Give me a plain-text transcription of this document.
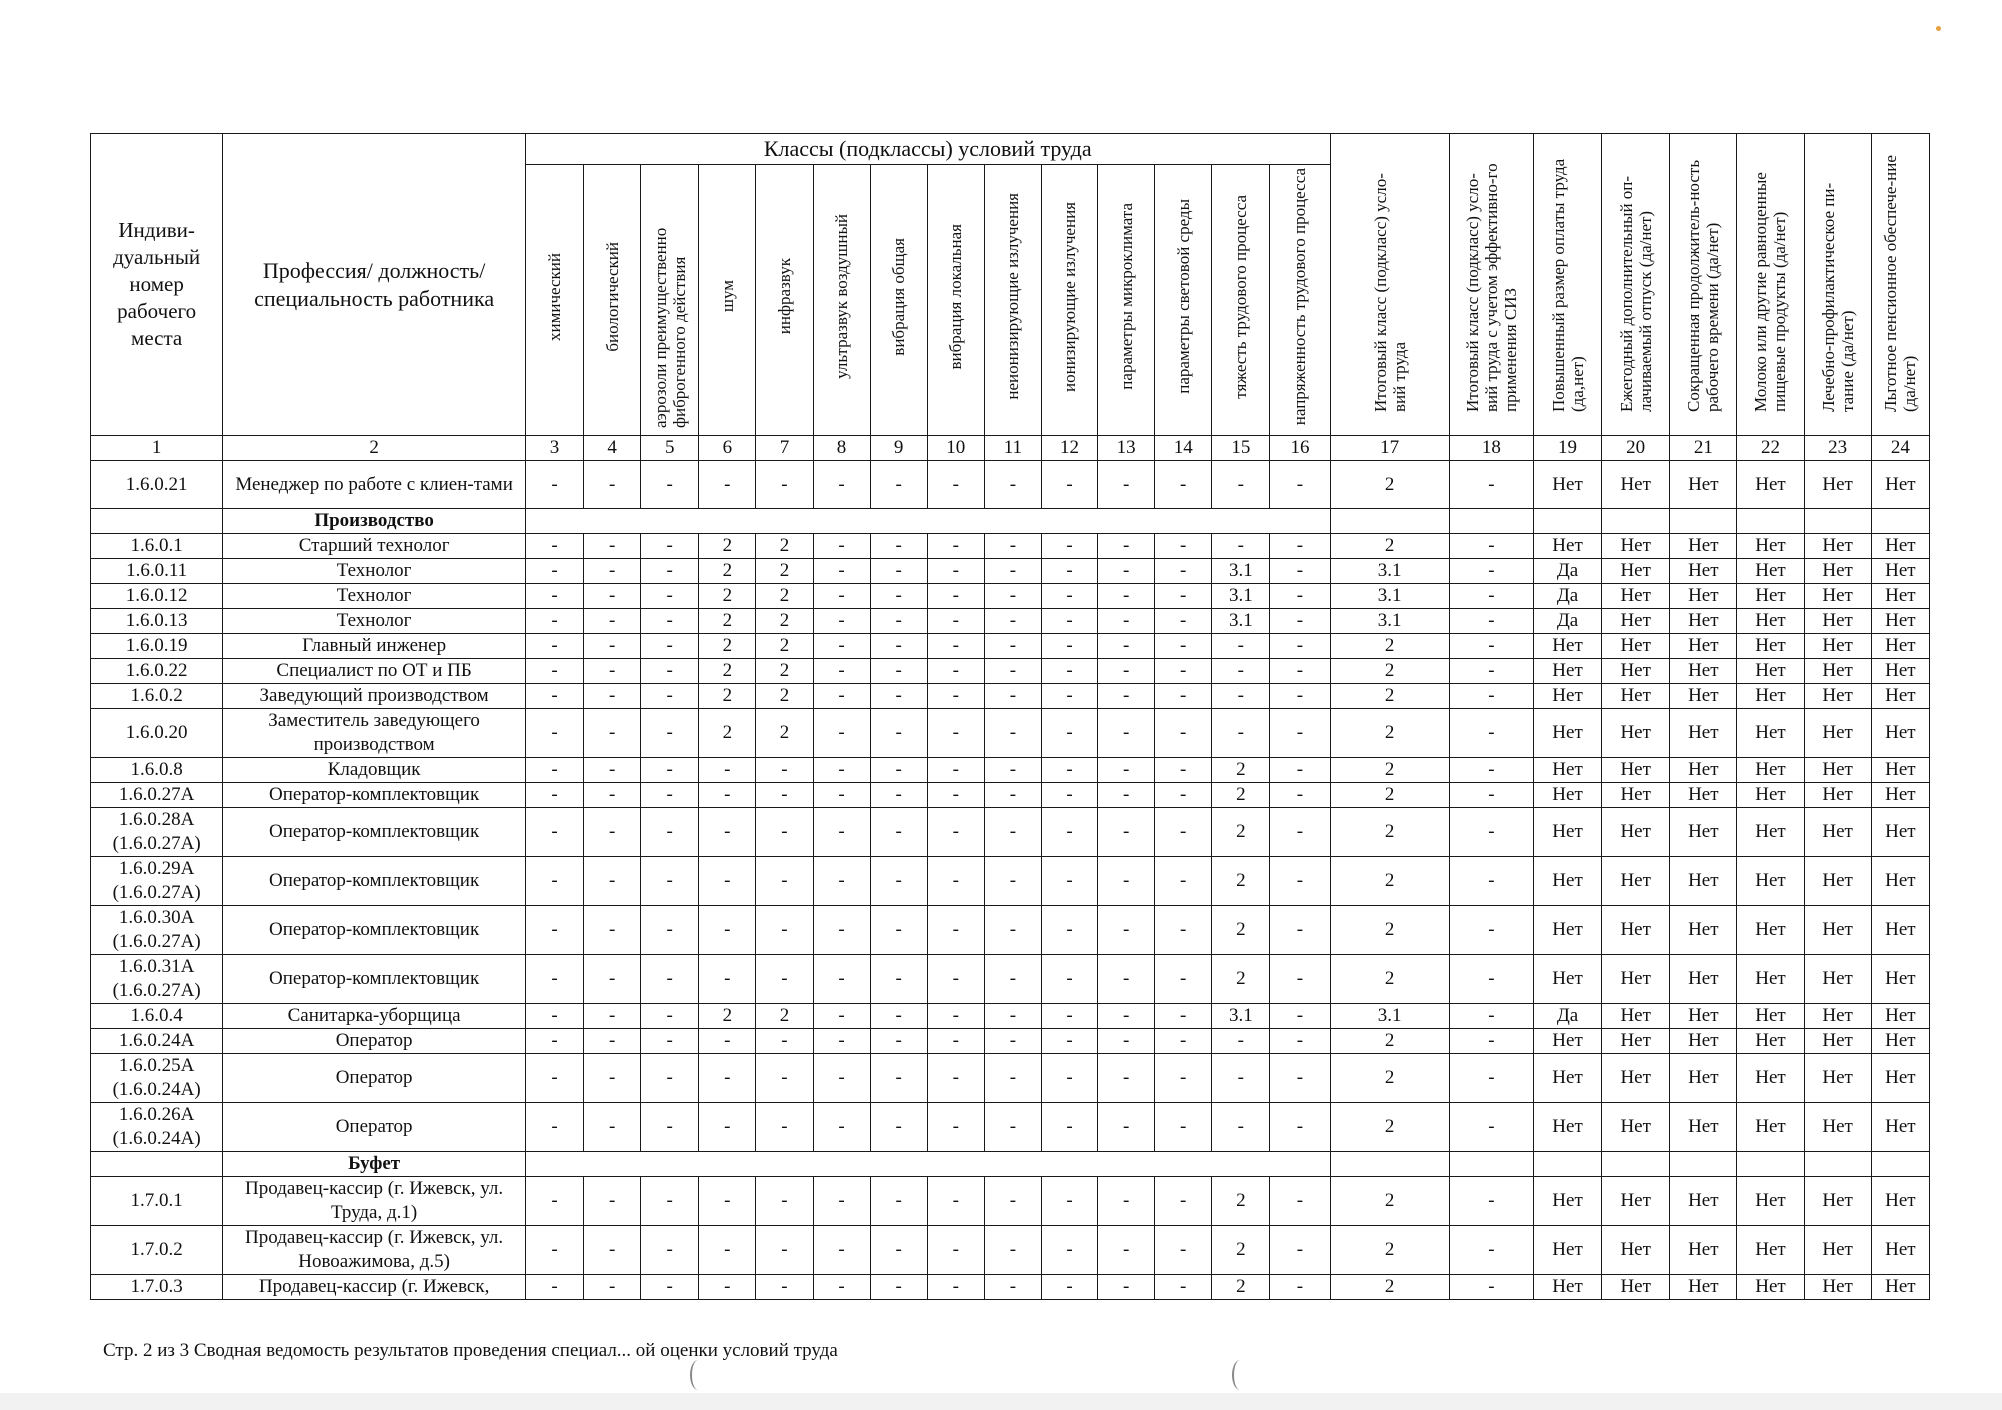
Индиви-дуальный номер рабочего места	Профессия/ должность/ специальность работника	Классы (подклассы) условий труда														Итоговый класс (подкласс) усло-вий труда	Итоговый класс (подкласс) усло-вий труда с учетом эффективно-го применения СИЗ	Повышенный размер оплаты труда (да,нет)	Ежегодный дополнительный оп-лачиваемый отпуск (да/нет)	Сокращенная продолжитель-ность рабочего времени (да/нет)	Молоко или другие равноценные пищевые продукты (да/нет)	Лечебно-профилактическое пи-тание (да/нет)	Льготное пенсионное обеспече-ние (да/нет)
		химический	биологический	аэрозоли преимущественно фиброгенного действия	шум	инфразвук	ультразвук воздушный	вибрация общая	вибрация локальная	неионизирующие излучения	ионизирующие излучения	параметры микроклимата	параметры световой среды	тяжесть трудового процесса	напряженность трудового процесса								
1	2	3	4	5	6	7	8	9	10	11	12	13	14	15	16	17	18	19	20	21	22	23	24
1.6.0.21	Менеджер по работе с клиен-тами	-	-	-	-	-	-	-	-	-	-	-	-	-	-	2	-	Нет	Нет	Нет	Нет	Нет	Нет
	Производство																						
1.6.0.1	Старший технолог	-	-	-	2	2	-	-	-	-	-	-	-	-	-	2	-	Нет	Нет	Нет	Нет	Нет	Нет
1.6.0.11	Технолог	-	-	-	2	2	-	-	-	-	-	-	-	3.1	-	3.1	-	Да	Нет	Нет	Нет	Нет	Нет
1.6.0.12	Технолог	-	-	-	2	2	-	-	-	-	-	-	-	3.1	-	3.1	-	Да	Нет	Нет	Нет	Нет	Нет
1.6.0.13	Технолог	-	-	-	2	2	-	-	-	-	-	-	-	3.1	-	3.1	-	Да	Нет	Нет	Нет	Нет	Нет
1.6.0.19	Главный инженер	-	-	-	2	2	-	-	-	-	-	-	-	-	-	2	-	Нет	Нет	Нет	Нет	Нет	Нет
1.6.0.22	Специалист по ОТ и ПБ	-	-	-	2	2	-	-	-	-	-	-	-	-	-	2	-	Нет	Нет	Нет	Нет	Нет	Нет
1.6.0.2	Заведующий производством	-	-	-	2	2	-	-	-	-	-	-	-	-	-	2	-	Нет	Нет	Нет	Нет	Нет	Нет
1.6.0.20	Заместитель заведующего производством	-	-	-	2	2	-	-	-	-	-	-	-	-	-	2	-	Нет	Нет	Нет	Нет	Нет	Нет
1.6.0.8	Кладовщик	-	-	-	-	-	-	-	-	-	-	-	-	2	-	2	-	Нет	Нет	Нет	Нет	Нет	Нет
1.6.0.27А	Оператор-комплектовщик	-	-	-	-	-	-	-	-	-	-	-	-	2	-	2	-	Нет	Нет	Нет	Нет	Нет	Нет
1.6.0.28А (1.6.0.27А)	Оператор-комплектовщик	-	-	-	-	-	-	-	-	-	-	-	-	2	-	2	-	Нет	Нет	Нет	Нет	Нет	Нет
1.6.0.29А (1.6.0.27А)	Оператор-комплектовщик	-	-	-	-	-	-	-	-	-	-	-	-	2	-	2	-	Нет	Нет	Нет	Нет	Нет	Нет
1.6.0.30А (1.6.0.27А)	Оператор-комплектовщик	-	-	-	-	-	-	-	-	-	-	-	-	2	-	2	-	Нет	Нет	Нет	Нет	Нет	Нет
1.6.0.31А (1.6.0.27А)	Оператор-комплектовщик	-	-	-	-	-	-	-	-	-	-	-	-	2	-	2	-	Нет	Нет	Нет	Нет	Нет	Нет
1.6.0.4	Санитарка-уборщица	-	-	-	2	2	-	-	-	-	-	-	-	3.1	-	3.1	-	Да	Нет	Нет	Нет	Нет	Нет
1.6.0.24А	Оператор	-	-	-	-	-	-	-	-	-	-	-	-	-	-	2	-	Нет	Нет	Нет	Нет	Нет	Нет
1.6.0.25А (1.6.0.24А)	Оператор	-	-	-	-	-	-	-	-	-	-	-	-	-	-	2	-	Нет	Нет	Нет	Нет	Нет	Нет
1.6.0.26А (1.6.0.24А)	Оператор	-	-	-	-	-	-	-	-	-	-	-	-	-	-	2	-	Нет	Нет	Нет	Нет	Нет	Нет
	Буфет																						
1.7.0.1	Продавец-кассир (г. Ижевск, ул. Труда, д.1)	-	-	-	-	-	-	-	-	-	-	-	-	2	-	2	-	Нет	Нет	Нет	Нет	Нет	Нет
1.7.0.2	Продавец-кассир (г. Ижевск, ул. Новоажимова, д.5)	-	-	-	-	-	-	-	-	-	-	-	-	2	-	2	-	Нет	Нет	Нет	Нет	Нет	Нет
1.7.0.3	Продавец-кассир (г. Ижевск,	-	-	-	-	-	-	-	-	-	-	-	-	2	-	2	-	Нет	Нет	Нет	Нет	Нет	Нет
Стр. 2 из 3 Сводная ведомость результатов проведения специал... ой оценки условий труда
